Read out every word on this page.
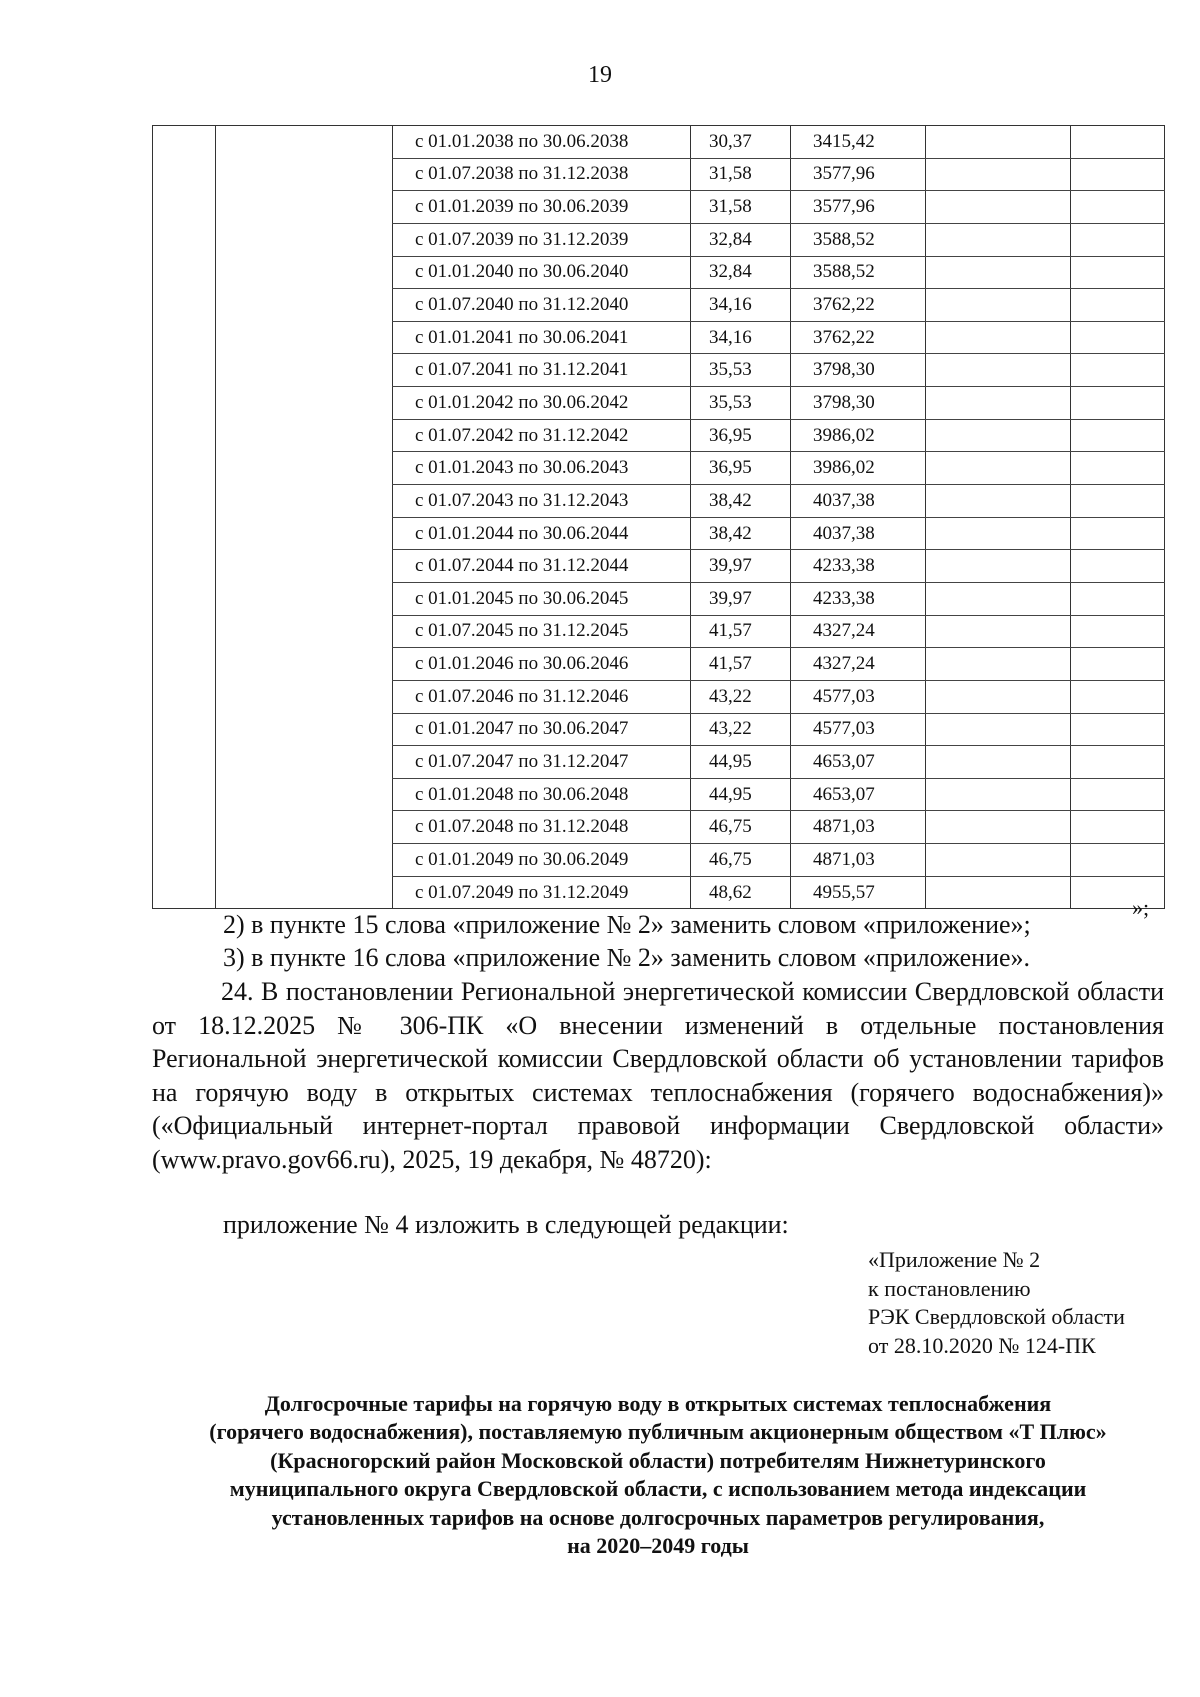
19
		с 01.01.2038 по 30.06.2038	30,37	3415,42		
		с 01.07.2038 по 31.12.2038	31,58	3577,96		
		с 01.01.2039 по 30.06.2039	31,58	3577,96		
		с 01.07.2039 по 31.12.2039	32,84	3588,52		
		с 01.01.2040 по 30.06.2040	32,84	3588,52		
		с 01.07.2040 по 31.12.2040	34,16	3762,22		
		с 01.01.2041 по 30.06.2041	34,16	3762,22		
		с 01.07.2041 по 31.12.2041	35,53	3798,30		
		с 01.01.2042 по 30.06.2042	35,53	3798,30		
		с 01.07.2042 по 31.12.2042	36,95	3986,02		
		с 01.01.2043 по 30.06.2043	36,95	3986,02		
		с 01.07.2043 по 31.12.2043	38,42	4037,38		
		с 01.01.2044 по 30.06.2044	38,42	4037,38		
		с 01.07.2044 по 31.12.2044	39,97	4233,38		
		с 01.01.2045 по 30.06.2045	39,97	4233,38		
		с 01.07.2045 по 31.12.2045	41,57	4327,24		
		с 01.01.2046 по 30.06.2046	41,57	4327,24		
		с 01.07.2046 по 31.12.2046	43,22	4577,03		
		с 01.01.2047 по 30.06.2047	43,22	4577,03		
		с 01.07.2047 по 31.12.2047	44,95	4653,07		
		с 01.01.2048 по 30.06.2048	44,95	4653,07		
		с 01.07.2048 по 31.12.2048	46,75	4871,03		
		с 01.01.2049 по 30.06.2049	46,75	4871,03		
		с 01.07.2049 по 31.12.2049	48,62	4955,57		
»;
2) в пункте 15 слова «приложение № 2» заменить словом «приложение»;
3) в пункте 16 слова «приложение № 2» заменить словом «приложение».
24. В постановлении Региональной энергетической комиссии Свердловской области от 18.12.2025 № 306-ПК «О внесении изменений в отдельные постановления Региональной энергетической комиссии Свердловской области об установлении тарифов на горячую воду в открытых системах теплоснабжения (горячего водоснабжения)» («Официальный интернет-портал правовой информации Свердловской области» (www.pravo.gov66.ru), 2025, 19 декабря, № 48720):
приложение № 4 изложить в следующей редакции:
«Приложение № 2
к постановлению
РЭК Свердловской области
от 28.10.2020 № 124-ПК
Долгосрочные тарифы на горячую воду в открытых системах теплоснабжения
(горячего водоснабжения), поставляемую публичным акционерным обществом «Т Плюс»
(Красногорский район Московской области) потребителям Нижнетуринского
муниципального округа Свердловской области, с использованием метода индексации
установленных тарифов на основе долгосрочных параметров регулирования,
на 2020–2049 годы
